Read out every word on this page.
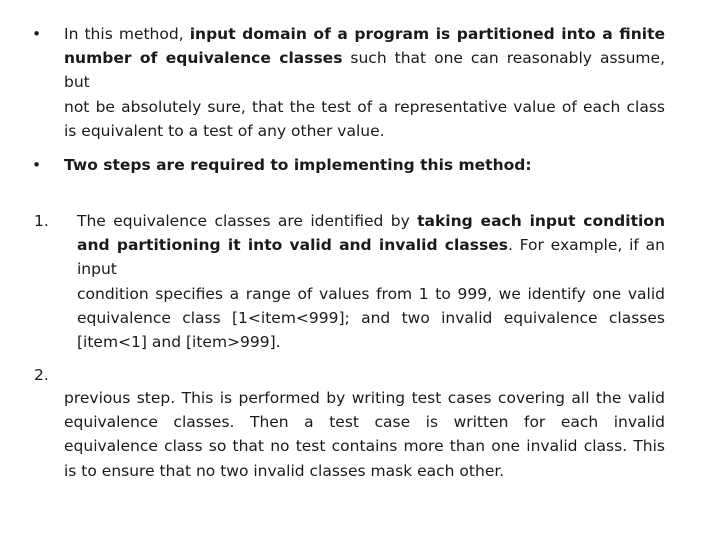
• In this method, input domain of a program is partitioned into a finite
number of equivalence classes such that one can reasonably assume, but
not be absolutely sure, that the test of a representative value of each class
is equivalent to a test of any other value.
• Two steps are required to implementing this method:
1. The equivalence classes are identified by taking each input condition
and partitioning it into valid and invalid classes. For example, if an input
condition specifies a range of values from 1 to 999, we identify one valid
equivalence class [1<item<999]; and two invalid equivalence classes
[item<1] and [item>999].
2.
previous step. This is performed by writing test cases covering all the valid
equivalence classes. Then a test case is written for each invalid
equivalence class so that no test contains more than one invalid class. This
is to ensure that no two invalid classes mask each other.
